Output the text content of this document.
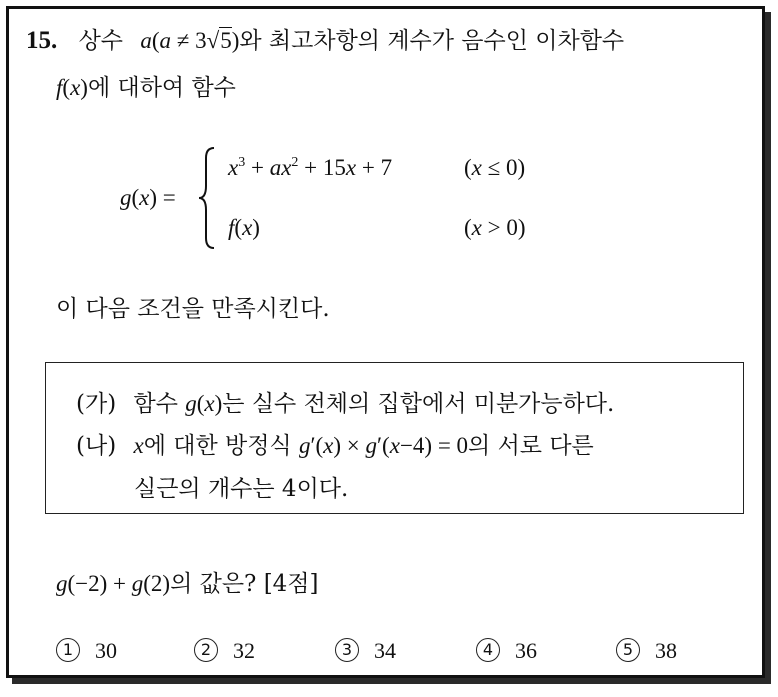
15. 상수 a(a ≠ 3√5)와 최고차항의 계수가 음수인 이차함수
f(x)에 대하여 함수
g(x) =
$x^3 + ax^2 + 15x + 7$	(x ≤ 0)
f(x)	(x > 0)
이 다음 조건을 만족시킨다.
(가) 함수 g(x)는 실수 전체의 집합에서 미분가능하다.
(나) x에 대한 방정식 g′(x) × g′(x−4) = 0의 서로 다른
실근의 개수는 4이다.
g(−2) + g(2)의 값은? [4점]
1 30	2 32	3 34	4 36	5 38
